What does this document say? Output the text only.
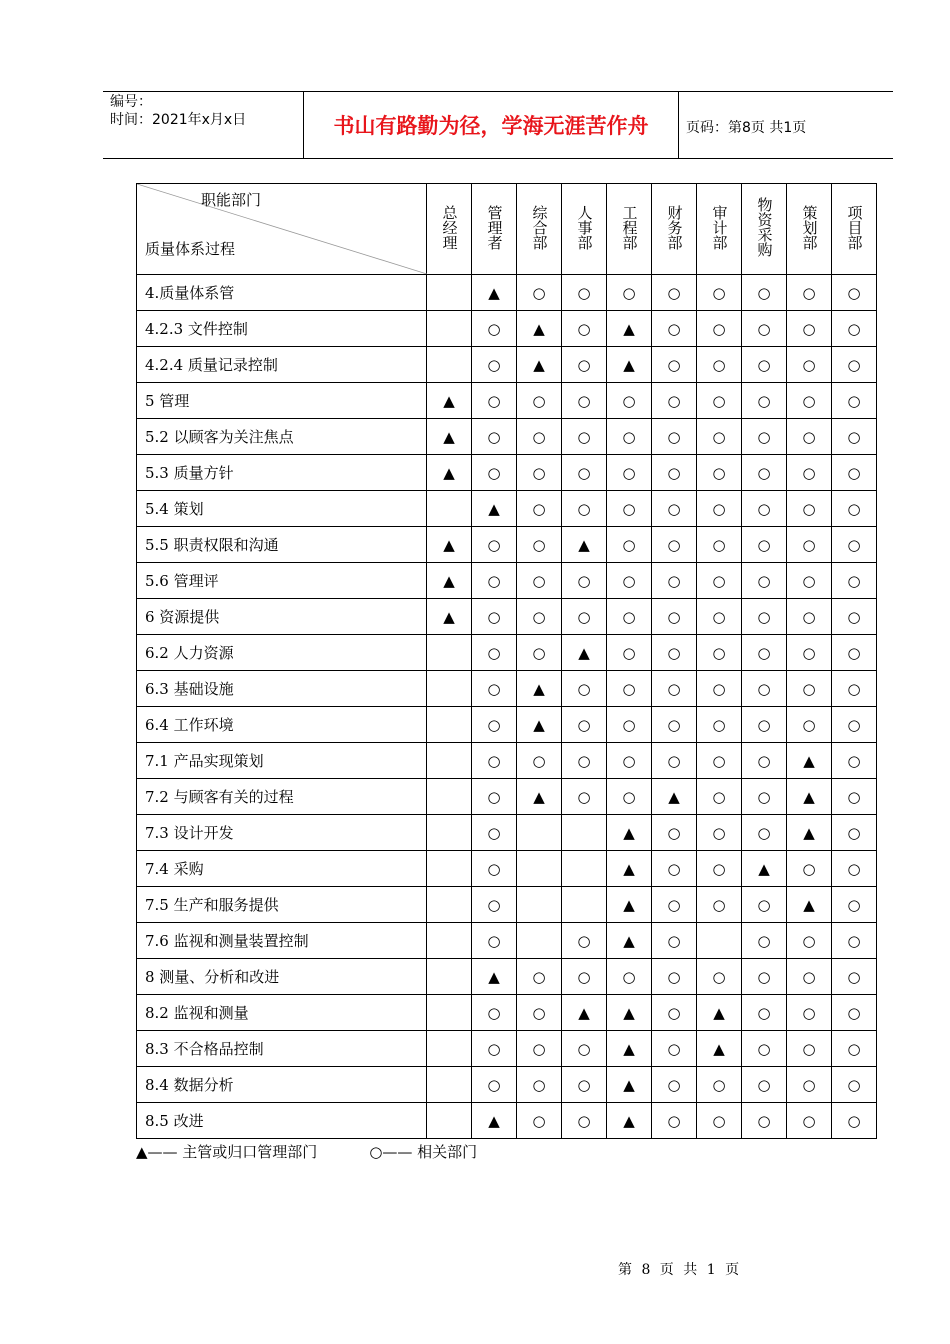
编号：
时间：2021年x月x日	书山有路勤为径，学海无涯苦作舟	页码：第8页 共1页
职能部门
质量体系过程	总经理	管理者	综合部	人事部	工程部	财务部	审计部	物资采购	策划部	项目部
4.质量体系管		▲	○	○	○	○	○	○	○	○
4.2.3 文件控制		○	▲	○	▲	○	○	○	○	○
4.2.4 质量记录控制		○	▲	○	▲	○	○	○	○	○
5 管理	▲	○	○	○	○	○	○	○	○	○
5.2 以顾客为关注焦点	▲	○	○	○	○	○	○	○	○	○
5.3 质量方针	▲	○	○	○	○	○	○	○	○	○
5.4 策划		▲	○	○	○	○	○	○	○	○
5.5 职责权限和沟通	▲	○	○	▲	○	○	○	○	○	○
5.6 管理评	▲	○	○	○	○	○	○	○	○	○
6 资源提供	▲	○	○	○	○	○	○	○	○	○
6.2 人力资源		○	○	▲	○	○	○	○	○	○
6.3 基础设施		○	▲	○	○	○	○	○	○	○
6.4 工作环境		○	▲	○	○	○	○	○	○	○
7.1 产品实现策划		○	○	○	○	○	○	○	▲	○
7.2 与顾客有关的过程		○	▲	○	○	▲	○	○	▲	○
7.3 设计开发		○			▲	○	○	○	▲	○
7.4 采购		○			▲	○	○	▲	○	○
7.5 生产和服务提供		○			▲	○	○	○	▲	○
7.6 监视和测量装置控制		○		○	▲	○		○	○	○
8 测量、分析和改进		▲	○	○	○	○	○	○	○	○
8.2 监视和测量		○	○	▲	▲	○	▲	○	○	○
8.3 不合格品控制		○	○	○	▲	○	▲	○	○	○
8.4 数据分析		○	○	○	▲	○	○	○	○	○
8.5 改进		▲	○	○	▲	○	○	○	○	○
▲—— 主管或归口管理部门	○—— 相关部门
第 8 页 共 1 页
